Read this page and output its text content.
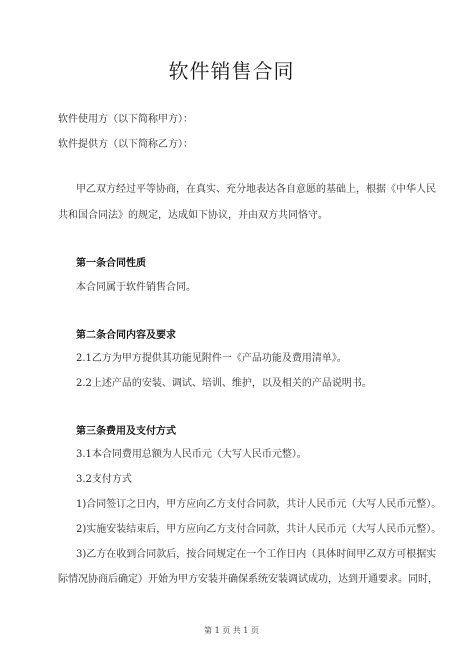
软件销售合同
软件使用方（以下简称甲方）：
软件提供方（以下简称乙方）：
甲乙双方经过平等协商，在真实、充分地表达各自意愿的基础上，根据《中华人民
共和国合同法》的规定，达成如下协议，并由双方共同恪守。
第一条合同性质
本合同属于软件销售合同。
第二条合同内容及要求
2.1乙方为甲方提供其功能见附件一《产品功能及费用清单》。
2.2上述产品的安装、调试、培训、维护，以及相关的产品说明书。
第三条费用及支付方式
3.1本合同费用总额为人民币元（大写人民币元整）。
3.2支付方式
1)合同签订之日内，甲方应向乙方支付合同款，共计人民币元（大写人民币元整）。
2)实施安装结束后，甲方应向乙方支付合同款，共计人民币元（大写人民币元整）。
3)乙方在收到合同款后，按合同规定在一个工作日内（具体时间甲乙双方可根据实
际情况协商后确定）开始为甲方安装并确保系统安装调试成功，达到开通要求。同时，
第 1 页 共 1 页
